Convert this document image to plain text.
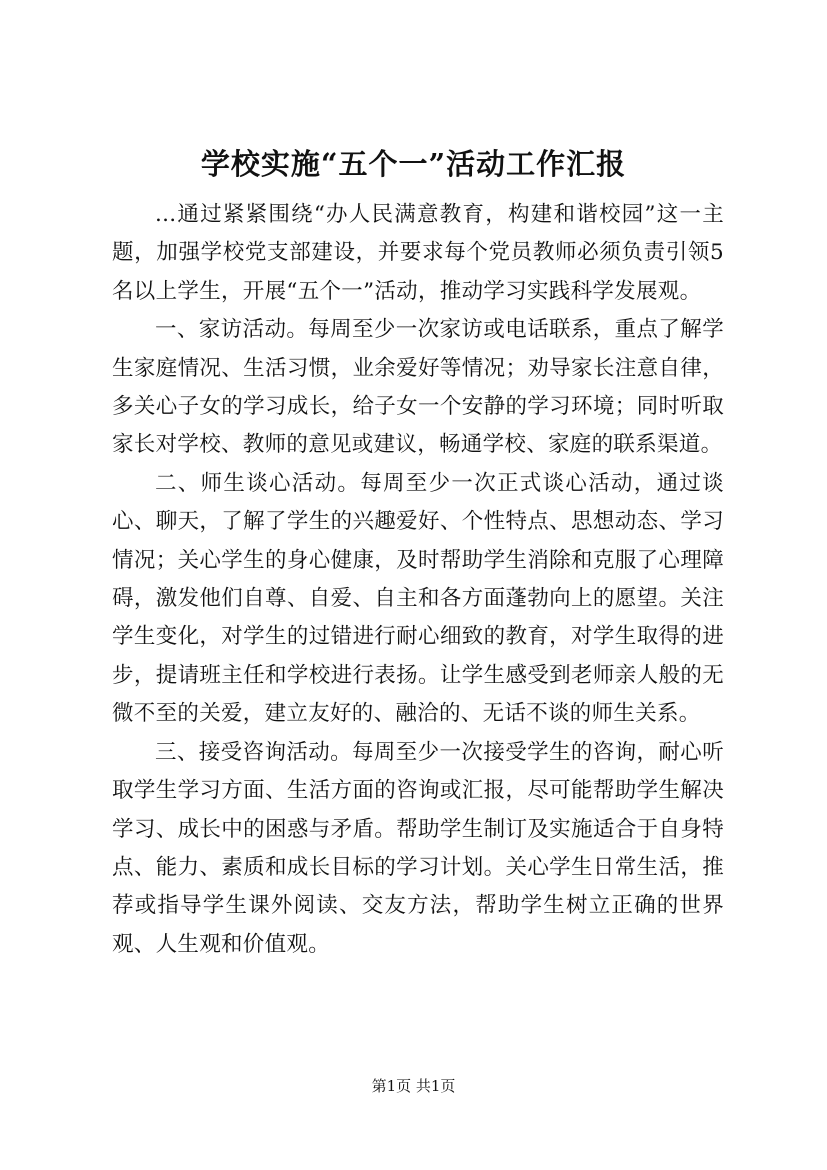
学校实施“五个一”活动工作汇报

...通过紧紧围绕“办人民满意教育，构建和谐校园”这一主题，加强学校党支部建设，并要求每个党员教师必须负责引领5名以上学生，开展“五个一”活动，推动学习实践科学发展观。

一、家访活动。每周至少一次家访或电话联系，重点了解学生家庭情况、生活习惯，业余爱好等情况；劝导家长注意自律，多关心子女的学习成长，给子女一个安静的学习环境；同时听取家长对学校、教师的意见或建议，畅通学校、家庭的联系渠道。

二、师生谈心活动。每周至少一次正式谈心活动，通过谈心、聊天，了解了学生的兴趣爱好、个性特点、思想动态、学习情况；关心学生的身心健康，及时帮助学生消除和克服了心理障碍，激发他们自尊、自爱、自主和各方面蓬勃向上的愿望。关注学生变化，对学生的过错进行耐心细致的教育，对学生取得的进步，提请班主任和学校进行表扬。让学生感受到老师亲人般的无微不至的关爱，建立友好的、融洽的、无话不谈的师生关系。

三、接受咨询活动。每周至少一次接受学生的咨询，耐心听取学生学习方面、生活方面的咨询或汇报，尽可能帮助学生解决学习、成长中的困惑与矛盾。帮助学生制订及实施适合于自身特点、能力、素质和成长目标的学习计划。关心学生日常生活，推荐或指导学生课外阅读、交友方法，帮助学生树立正确的世界观、人生观和价值观。

第1页 共1页
